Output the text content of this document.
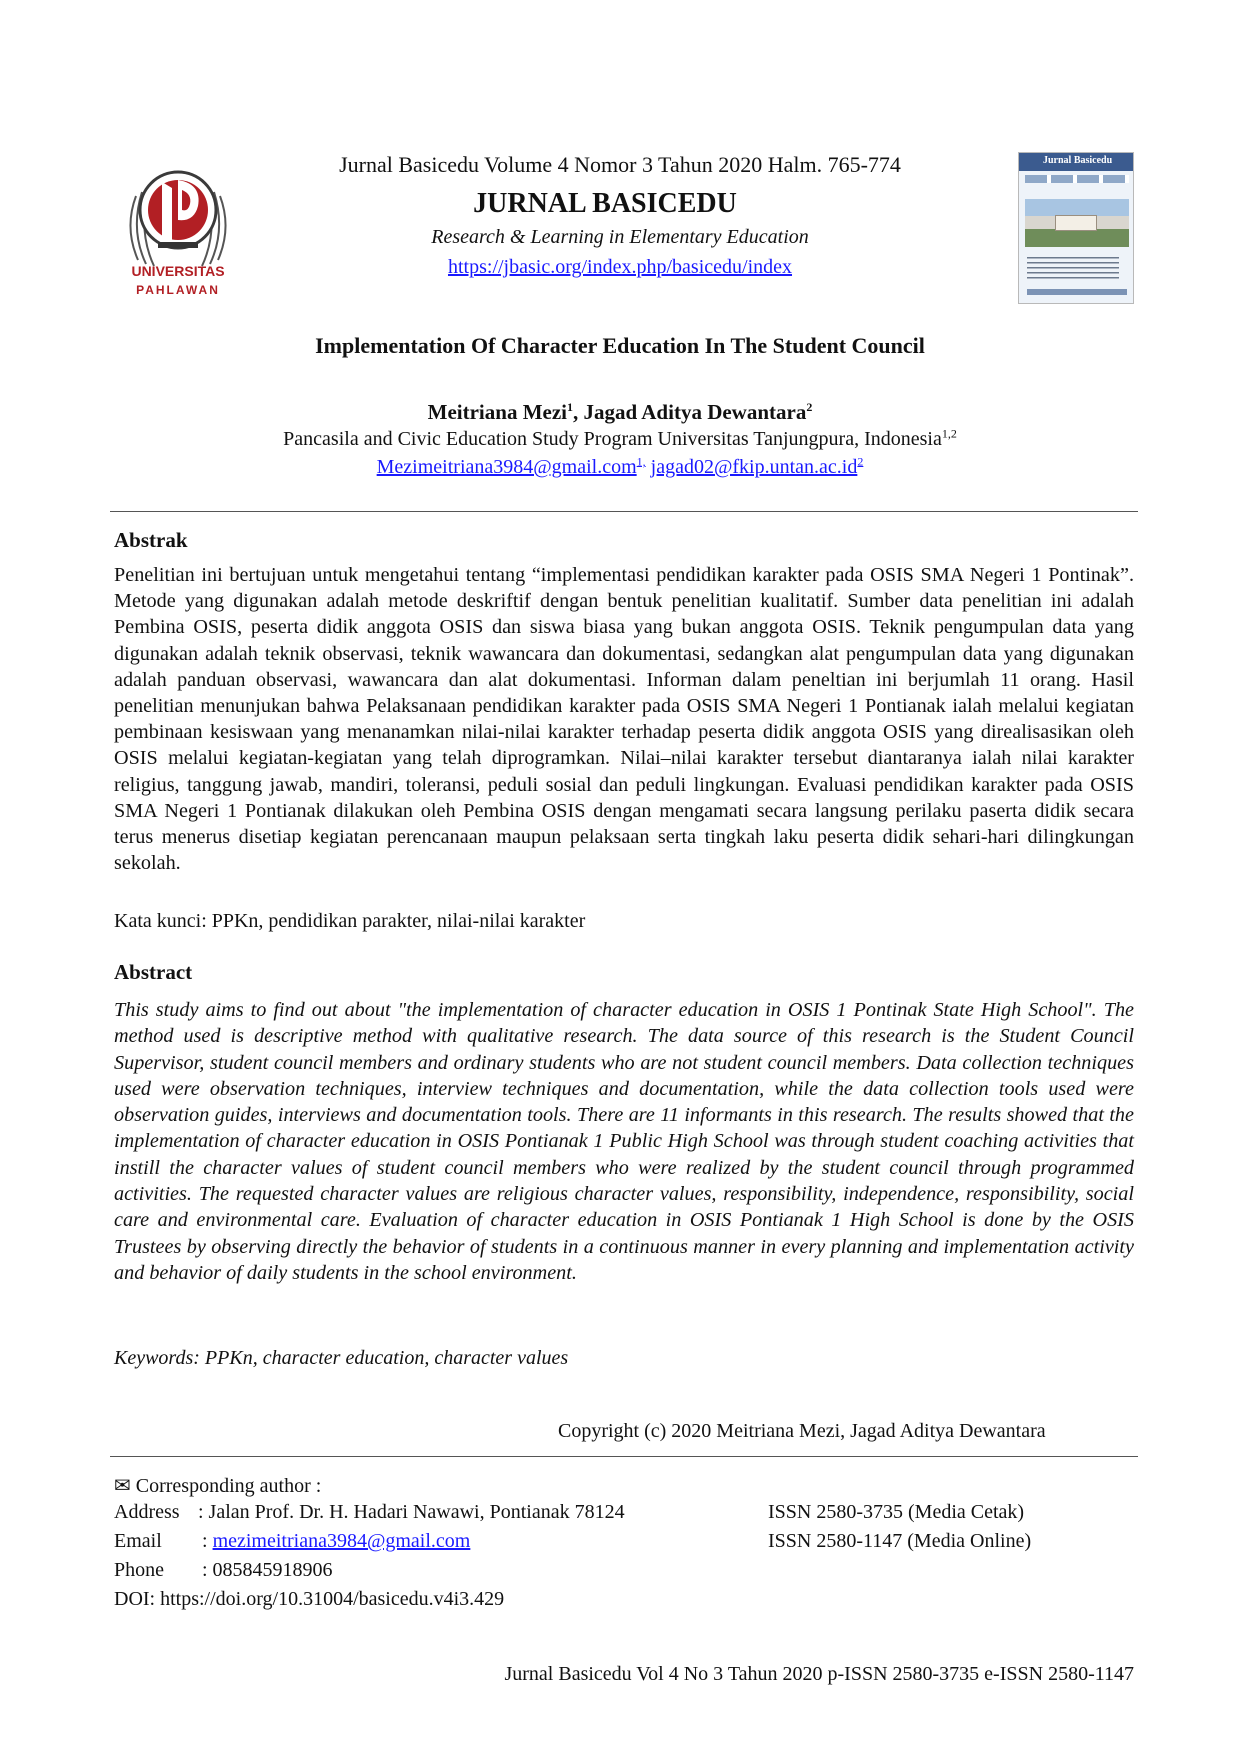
UNIVERSITAS
PAHLAWAN
Jurnal Basicedu Volume 4 Nomor 3 Tahun 2020 Halm. 765-774
JURNAL BASICEDU
Research & Learning in Elementary Education
https://jbasic.org/index.php/basicedu/index
Jurnal Basicedu
Implementation Of Character Education In The Student Council
Meitriana Mezi$^1$, Jagad Aditya Dewantara$^2$
Pancasila and Civic Education Study Program Universitas Tanjungpura, Indonesia$^{1,2}$
Mezimeitriana3984@gmail.com$^{1,}$ $jagad02@fkip.untan.ac.id^2$
Abstrak
Penelitian ini bertujuan untuk mengetahui tentang “implementasi pendidikan karakter pada OSIS SMA Negeri 1 Pontinak”. Metode yang digunakan adalah metode deskriftif dengan bentuk penelitian kualitatif. Sumber data penelitian ini adalah Pembina OSIS, peserta didik anggota OSIS dan siswa biasa yang bukan anggota OSIS. Teknik pengumpulan data yang digunakan adalah teknik observasi, teknik wawancara dan dokumentasi, sedangkan alat pengumpulan data yang digunakan adalah panduan observasi, wawancara dan alat dokumentasi. Informan dalam peneltian ini berjumlah 11 orang. Hasil penelitian menunjukan bahwa Pelaksanaan pendidikan karakter pada OSIS SMA Negeri 1 Pontianak ialah melalui kegiatan pembinaan kesiswaan yang menanamkan nilai-nilai karakter terhadap peserta didik anggota OSIS yang direalisasikan oleh OSIS melalui kegiatan-kegiatan yang telah diprogramkan. Nilai–nilai karakter tersebut diantaranya ialah nilai karakter religius, tanggung jawab, mandiri, toleransi, peduli sosial dan peduli lingkungan. Evaluasi pendidikan karakter pada OSIS SMA Negeri 1 Pontianak dilakukan oleh Pembina OSIS dengan mengamati secara langsung perilaku paserta didik secara terus menerus disetiap kegiatan perencanaan maupun pelaksaan serta tingkah laku peserta didik sehari-hari dilingkungan sekolah.
Kata kunci: PPKn, pendidikan parakter, nilai-nilai karakter
Abstract
This study aims to find out about "the implementation of character education in OSIS 1 Pontinak State High School". The method used is descriptive method with qualitative research. The data source of this research is the Student Council Supervisor, student council members and ordinary students who are not student council members. Data collection techniques used were observation techniques, interview techniques and documentation, while the data collection tools used were observation guides, interviews and documentation tools. There are 11 informants in this research. The results showed that the implementation of character education in OSIS Pontianak 1 Public High School was through student coaching activities that instill the character values of student council members who were realized by the student council through programmed activities. The requested character values are religious character values, responsibility, independence, responsibility, social care and environmental care. Evaluation of character education in OSIS Pontianak 1 High School is done by the OSIS Trustees by observing directly the behavior of students in a continuous manner in every planning and implementation activity and behavior of daily students in the school environment.
Keywords: PPKn, character education, character values
Copyright (c) 2020 Meitriana Mezi, Jagad Aditya Dewantara
✉ Corresponding author :
Address : Jalan Prof. Dr. H. Hadari Nawawi, Pontianak 78124
Email : mezimeitriana3984@gmail.com
Phone : 085845918906
DOI: https://doi.org/10.31004/basicedu.v4i3.429
ISSN 2580-3735 (Media Cetak)
ISSN 2580-1147 (Media Online)
Jurnal Basicedu Vol 4 No 3 Tahun 2020 p-ISSN 2580-3735 e-ISSN 2580-1147
